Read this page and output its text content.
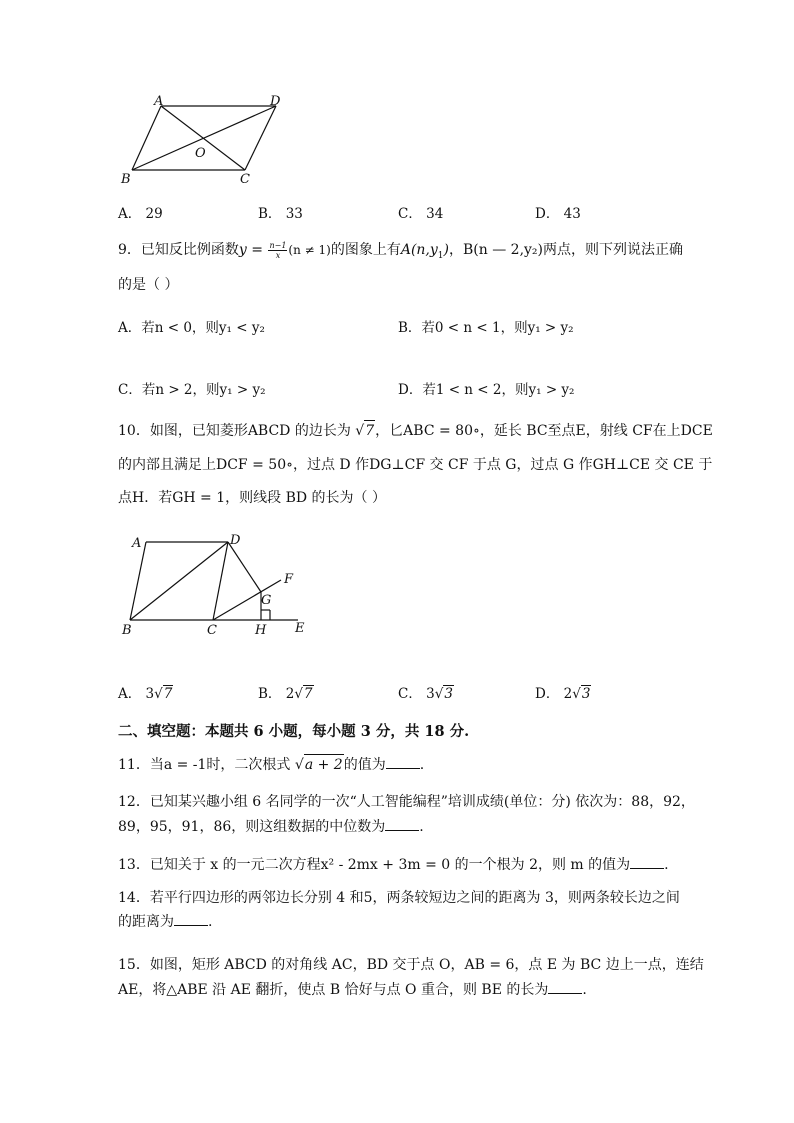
A	D
O
B	C
A． 29	B． 33	C． 34	D． 43
9．已知反比例函数$y = \frac{n-1}{x} (n \ne 1)$的图象上有$A(n,y_1)$，B(n — 2,y₂)两点，则下列说法正确
的是（ ）
A．若n < 0，则y₁ < y₂	B．若0 < n < 1，则y₁ > y₂
C．若n > 2，则y₁ > y₂	D．若1 < n < 2，则y₁ > y₂
10．如图，已知菱形ABCD 的边长为 √7，匕ABC = 80∘，延长 BC至点E，射线 CF在上DCE
的内部且满足上DCF = 50∘，过点 D 作DG⊥CF 交 CF 于点 G，过点 G 作GH⊥CE 交 CE 于
点H．若GH = 1，则线段 BD 的长为（ ）
A	D
F
G
B	C	H E
A． 3√7	B． 2√7	C． 3√3	D． 2√3
二、填空题：本题共 6 小题，每小题 3 分，共 18 分.
11．当a = -1时，二次根式 √a + 2的值为 .
12．已知某兴趣小组 6 名同学的一次“人工智能编程”培训成绩(单位：分) 依次为：88，92，
89，95，91，86，则这组数据的中位数为 .
13．已知关于 x 的一元二次方程x² - 2mx + 3m = 0 的一个根为 2，则 m 的值为 .
14．若平行四边形的两邻边长分别 4 和5，两条较短边之间的距离为 3，则两条较长边之间
的距离为 .
15．如图，矩形 ABCD 的对角线 AC，BD 交于点 O，AB = 6，点 E 为 BC 边上一点，连结
AE，将△ABE 沿 AE 翻折，使点 B 恰好与点 O 重合，则 BE 的长为 .
